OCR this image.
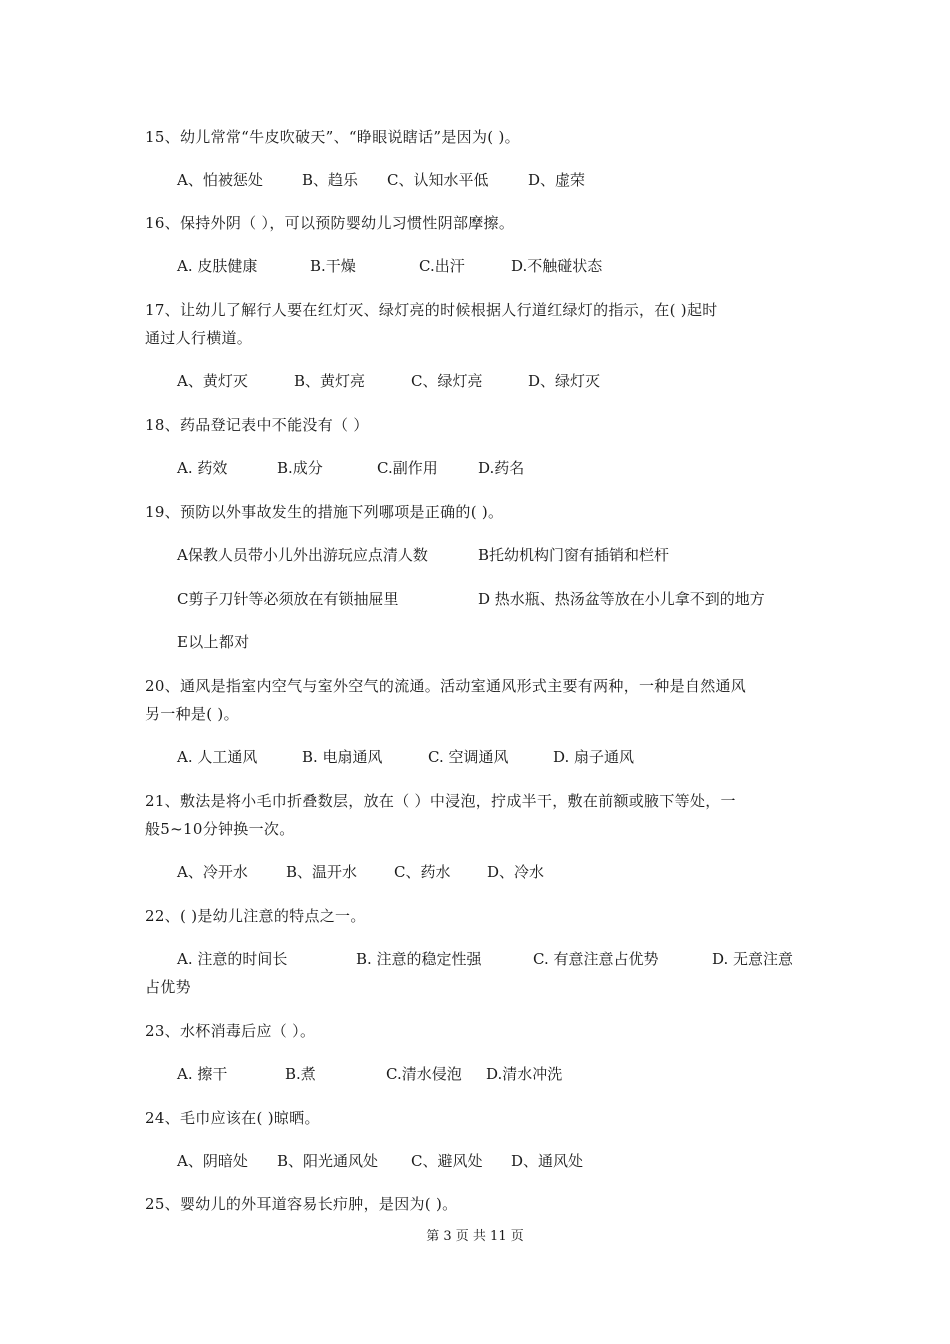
15、幼儿常常“牛皮吹破天”、“睁眼说瞎话”是因为( )。
A、怕被惩处	B、趋乐 C、认知水平低	D、虚荣
16、保持外阴（ ），可以预防婴幼儿习惯性阴部摩擦。
A. 皮肤健康	B.干燥	C.出汗	D.不触碰状态
17、让幼儿了解行人要在红灯灭、绿灯亮的时候根据人行道红绿灯的指示，在( )起时
通过人行横道。
A、黄灯灭	B、黄灯亮	C、绿灯亮	D、绿灯灭
18、药品登记表中不能没有（ ）
A. 药效	B.成分	C.副作用	D.药名
19、预防以外事故发生的措施下列哪项是正确的( )。
A保教人员带小儿外出游玩应点清人数	B托幼机构门窗有插销和栏杆
C剪子刀针等必须放在有锁抽屉里	D 热水瓶、热汤盆等放在小儿拿不到的地方
E以上都对
20、通风是指室内空气与室外空气的流通。活动室通风形式主要有两种，一种是自然通风
另一种是( )。
A. 人工通风	B. 电扇通风	C. 空调通风	D. 扇子通风
21、敷法是将小毛巾折叠数层，放在（ ）中浸泡，拧成半干，敷在前额或腋下等处，一
般5~10分钟换一次。
A、冷开水	B、温开水 C、药水 D、冷水
22、( )是幼儿注意的特点之一。
A. 注意的时间长	B. 注意的稳定性强	C. 有意注意占优势	D. 无意注意
占优势
23、水杯消毒后应（ ）。
A. 擦干	B.煮	C.清水侵泡 D.清水冲洗
24、毛巾应该在( )晾晒。
A、阴暗处 B、阳光通风处 C、避风处 D、通风处
25、婴幼儿的外耳道容易长疖肿，是因为( )。
第 3 页 共 11 页
